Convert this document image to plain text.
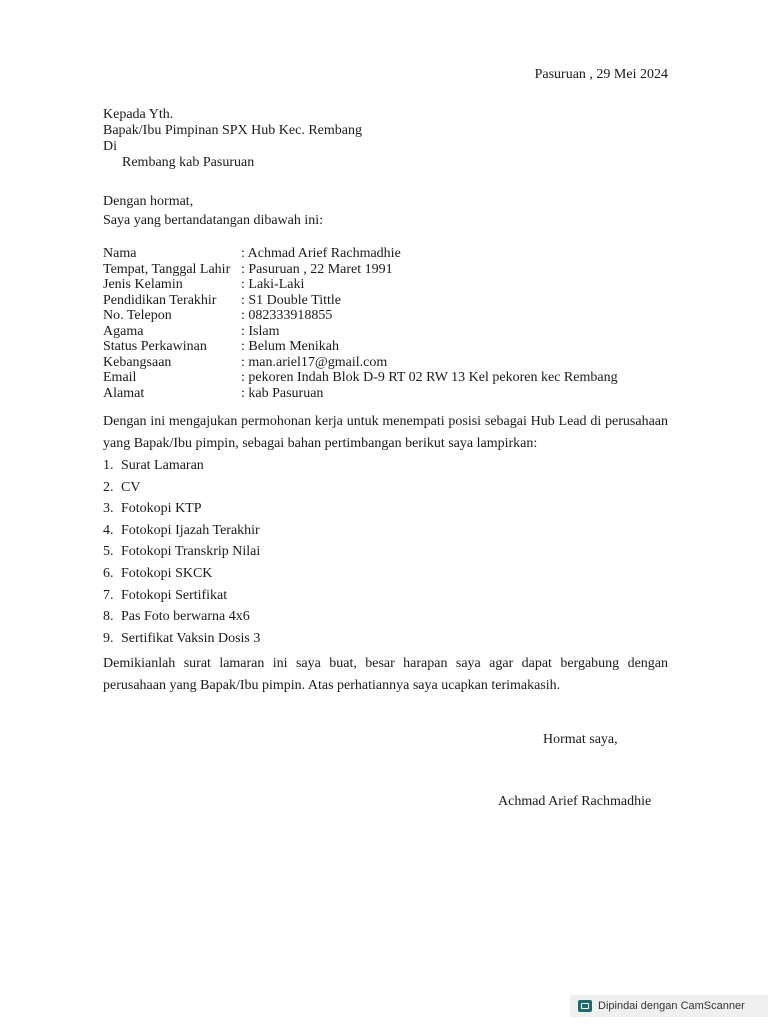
Pasuruan , 29 Mei 2024
Kepada Yth.
Bapak/Ibu Pimpinan SPX Hub Kec. Rembang
Di
Rembang kab Pasuruan
Dengan hormat,
Saya yang bertandatangan dibawah ini:
Nama	: Achmad Arief Rachmadhie
Tempat, Tanggal Lahir : Pasuruan , 22 Maret 1991
Jenis Kelamin	: Laki-Laki
Pendidikan Terakhir	: S1 Double Tittle
No. Telepon	: 082333918855
Agama	: Islam
Status Perkawinan	: Belum Menikah
Kebangsaan	: man.ariel17@gmail.com
Email	: pekoren Indah Blok D-9 RT 02 RW 13 Kel pekoren kec Rembang
Alamat	: kab Pasuruan
Dengan ini mengajukan permohonan kerja untuk menempati posisi sebagai Hub Lead di perusahaan yang Bapak/Ibu pimpin, sebagai bahan pertimbangan berikut saya lampirkan:
1. Surat Lamaran
2. CV
3. Fotokopi KTP
4. Fotokopi Ijazah Terakhir
5. Fotokopi Transkrip Nilai
6. Fotokopi SKCK
7. Fotokopi Sertifikat
8. Pas Foto berwarna 4x6
9. Sertifikat Vaksin Dosis 3
Demikianlah surat lamaran ini saya buat, besar harapan saya agar dapat bergabung dengan perusahaan yang Bapak/Ibu pimpin. Atas perhatiannya saya ucapkan terimakasih.
Hormat saya,
Achmad Arief Rachmadhie
Dipindai dengan CamScanner
